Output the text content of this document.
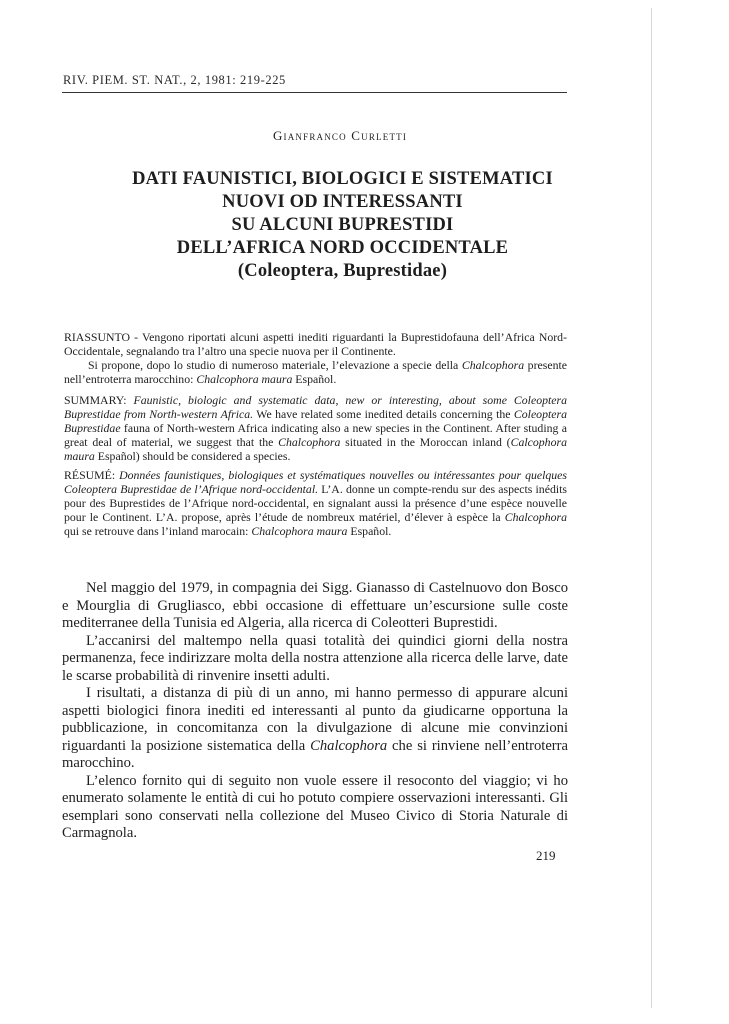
RIV. PIEM. ST. NAT., 2, 1981: 219-225
Gianfranco Curletti
DATI FAUNISTICI, BIOLOGICI E SISTEMATICI
NUOVI OD INTERESSANTI
SU ALCUNI BUPRESTIDI
DELL’AFRICA NORD OCCIDENTALE
(Coleoptera, Buprestidae)

RIASSUNTO - Vengono riportati alcuni aspetti inediti riguardanti la Buprestidofauna dell’Africa Nord-Occidentale, segnalando tra l’altro una specie nuova per il Continente.

Si propone, dopo lo studio di numeroso materiale, l’elevazione a specie della Chalcophora presente nell’entroterra marocchino: Chalcophora maura Español.

SUMMARY: Faunistic, biologic and systematic data, new or interesting, about some Coleoptera Buprestidae from North-western Africa. We have related some inedited details concerning the Coleoptera Buprestidae fauna of North-western Africa indicating also a new species in the Continent. After studing a great deal of material, we suggest that the Chalcophora situated in the Moroccan inland (Calcophora maura Español) should be considered a species.

RÉSUMÉ: Données faunistiques, biologiques et systématiques nouvelles ou intéressantes pour quelques Coleoptera Buprestidae de l’Afrique nord-occidental. L’A. donne un compte-rendu sur des aspects inédits pour des Buprestides de l’Afrique nord-occidental, en signalant aussi la présence d’une espèce nouvelle pour le Continent. L’A. propose, après l’étude de nombreux matériel, d’élever à espèce la Chalcophora qui se retrouve dans l’inland marocain: Chalcophora maura Español.

Nel maggio del 1979, in compagnia dei Sigg. Gianasso di Castelnuovo don Bosco e Mourglia di Grugliasco, ebbi occasione di effettuare un’escursione sulle coste mediterranee della Tunisia ed Algeria, alla ricerca di Coleotteri Buprestidi.

L’accanirsi del maltempo nella quasi totalità dei quindici giorni della nostra permanenza, fece indirizzare molta della nostra attenzione alla ricerca delle larve, date le scarse probabilità di rinvenire insetti adulti.

I risultati, a distanza di più di un anno, mi hanno permesso di appurare alcuni aspetti biologici finora inediti ed interessanti al punto da giudicarne opportuna la pubblicazione, in concomitanza con la divulgazione di alcune mie convinzioni riguardanti la posizione sistematica della Chalcophora che si rinviene nell’entroterra marocchino.

L’elenco fornito qui di seguito non vuole essere il resoconto del viaggio; vi ho enumerato solamente le entità di cui ho potuto compiere osservazioni interessanti. Gli esemplari sono conservati nella collezione del Museo Civico di Storia Naturale di Carmagnola.

219
